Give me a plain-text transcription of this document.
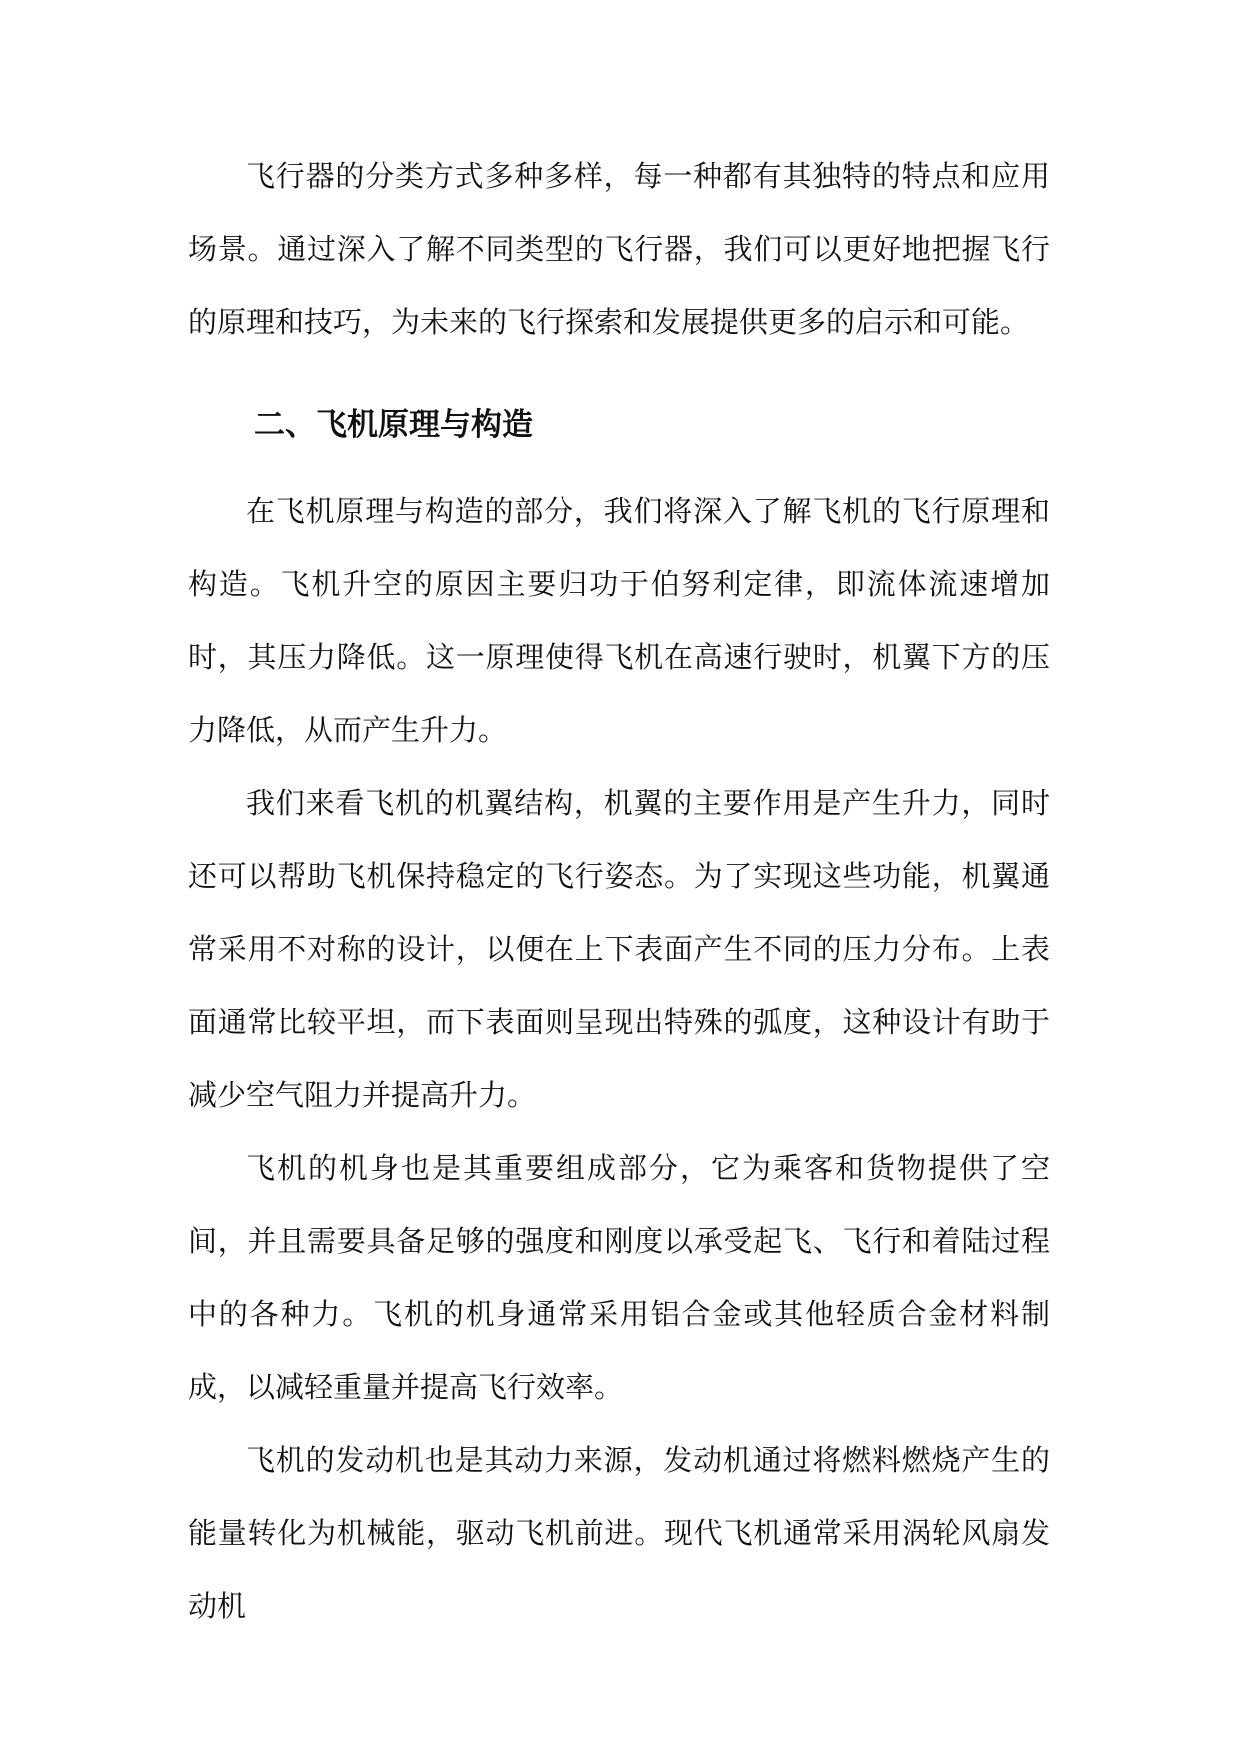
飞行器的分类方式多种多样，每一种都有其独特的特点和应用场景。通过深入了解不同类型的飞行器，我们可以更好地把握飞行的原理和技巧，为未来的飞行探索和发展提供更多的启示和可能。

二、飞机原理与构造

在飞机原理与构造的部分，我们将深入了解飞机的飞行原理和构造。飞机升空的原因主要归功于伯努利定律，即流体流速增加时，其压力降低。这一原理使得飞机在高速行驶时，机翼下方的压力降低，从而产生升力。

我们来看飞机的机翼结构，机翼的主要作用是产生升力，同时还可以帮助飞机保持稳定的飞行姿态。为了实现这些功能，机翼通常采用不对称的设计，以便在上下表面产生不同的压力分布。上表面通常比较平坦，而下表面则呈现出特殊的弧度，这种设计有助于减少空气阻力并提高升力。

飞机的机身也是其重要组成部分，它为乘客和货物提供了空间，并且需要具备足够的强度和刚度以承受起飞、飞行和着陆过程中的各种力。飞机的机身通常采用铝合金或其他轻质合金材料制成，以减轻重量并提高飞行效率。

飞机的发动机也是其动力来源，发动机通过将燃料燃烧产生的能量转化为机械能，驱动飞机前进。现代飞机通常采用涡轮风扇发动机
